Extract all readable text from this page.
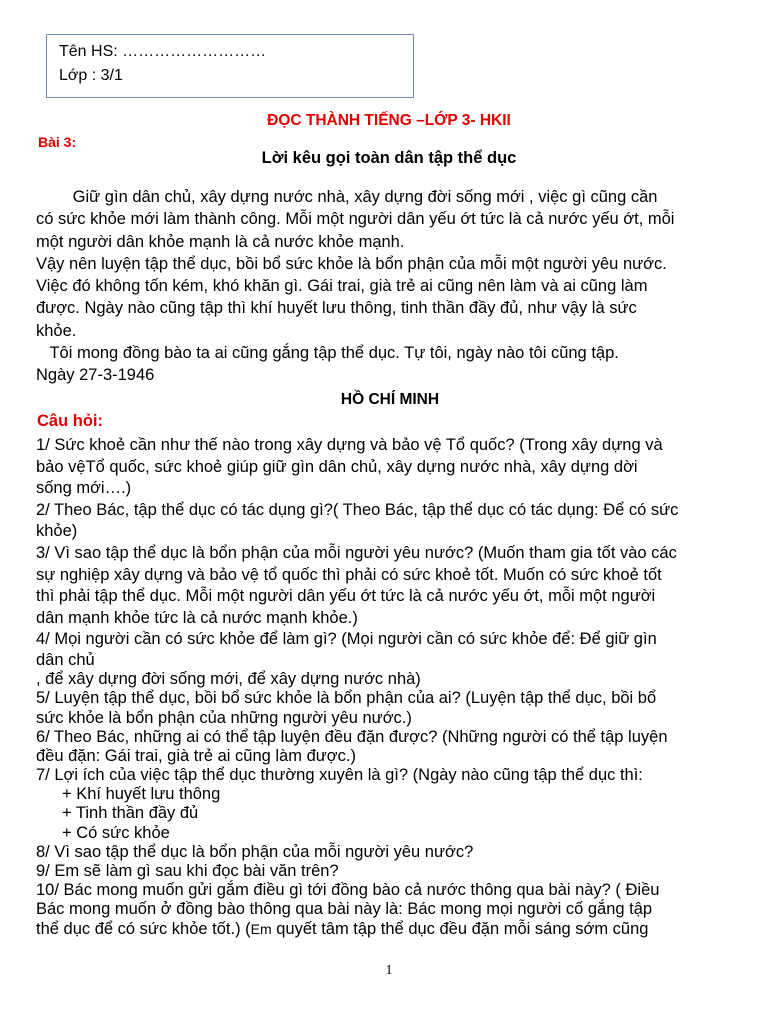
Tên HS: ………………………
Lớp : 3/1
ĐỌC THÀNH TIẾNG –LỚP 3- HKII
Bài 3:
Lời kêu gọi toàn dân tập thể dục
Giữ gìn dân chủ, xây dựng nước nhà, xây dựng đời sống mới , việc gì cũng cần
có sức khỏe mới làm thành công. Mỗi một người dân yếu ớt tức là cả nước yếu ớt, mỗi
một người dân khỏe mạnh là cả nước khỏe mạnh.
Vậy nên luyện tập thể dục, bồi bổ sức khỏe là bổn phận của mỗi một người yêu nước.
Việc đó không tốn kém, khó khăn gì. Gái trai, già trẻ ai cũng nên làm và ai cũng làm
được. Ngày nào cũng tập thì khí huyết lưu thông, tinh thần đầy đủ, như vậy là sức
khỏe.
Tôi mong đồng bào ta ai cũng gắng tập thể dục. Tự tôi, ngày nào tôi cũng tập.
Ngày 27-3-1946
HỒ CHÍ MINH
Câu hỏi:
1/ Sức khoẻ cần như thế nào trong xây dựng và bảo vệ Tổ quốc? (Trong xây dựng và
bảo vệTổ quốc, sức khoẻ giúp giữ gìn dân chủ, xây dựng nước nhà, xây dựng dời
sống mới….)
2/ Theo Bác, tập thể dục có tác dụng gì?( Theo Bác, tập thể dục có tác dụng: Để có sức
khỏe)
3/ Vì sao tập thể dục là bổn phận của mỗi người yêu nước? (Muốn tham gia tốt vào các
sự nghiệp xây dựng và bảo vệ tổ quốc thì phải có sức khoẻ tốt. Muốn có sức khoẻ tốt
thì phải tập thể dục. Mỗi một người dân yếu ớt tức là cả nước yếu ớt, mỗi một người
dân mạnh khỏe tức là cả nước mạnh khỏe.)
4/ Mọi người cần có sức khỏe để làm gì? (Mọi người cần có sức khỏe để: Để giữ gìn
dân chủ
, để xây dựng đời sống mới, để xây dựng nước nhà)
5/ Luyện tập thể dục, bồi bổ sức khỏe là bổn phận của ai? (Luyện tập thể dục, bồi bổ
sức khỏe là bổn phận của những người yêu nước.)
6/ Theo Bác, những ai có thể tập luyện đều đặn được? (Những người có thể tập luyện
đều đặn: Gái trai, già trẻ ai cũng làm được.)
7/ Lợi ích của việc tập thể dục thường xuyên là gì? (Ngày nào cũng tập thể dục thì:
+ Khí huyết lưu thông
+ Tinh thần đầy đủ
+ Có sức khỏe
8/ Vì sao tập thể dục là bổn phận của mỗi người yêu nước?
9/ Em sẽ làm gì sau khi đọc bài văn trên?
10/ Bác mong muốn gửi gắm điều gì tới đồng bào cả nước thông qua bài này? ( Điều
Bác mong muốn ở đồng bào thông qua bài này là: Bác mong mọi người cố gắng tập
thể dục để có sức khỏe tốt.) (Em quyết tâm tập thể dục đều đặn mỗi sáng sớm cũng
1
